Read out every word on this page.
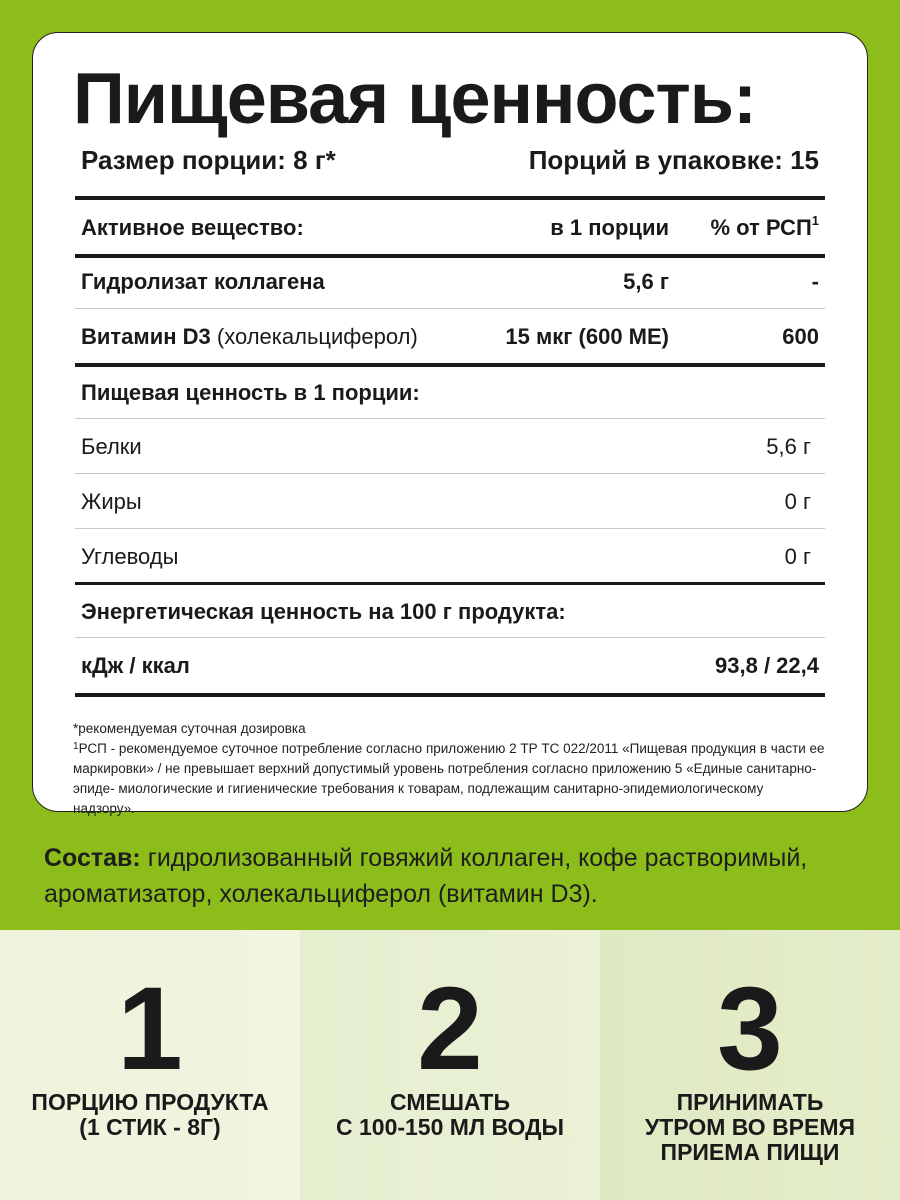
Пищевая ценность:
Размер порции: 8 г*	Порций в упаковке: 15
Активное вещество:	в 1 порции	% от РСП$^1$
Гидролизат коллагена	5,6 г	-
Витамин D3 (холекальциферол)	15 мкг (600 МЕ)	600
Пищевая ценность в 1 порции:
Белки	5,6 г
Жиры	0 г
Углеводы	0 г
Энергетическая ценность на 100 г продукта:
кДж / ккал	93,8 / 22,4
*рекомендуемая суточная дозировка
$^1$РСП - рекомендуемое суточное потребление согласно приложению 2 ТР ТС 022/2011 «Пищевая продукция в части ее маркировки» / не превышает верхний допустимый уровень потребления согласно приложению 5 «Единые санитарно-эпиде- миологические и гигиенические требования к товарам, подлежащим санитарно-эпидемиологическому надзору».
Состав: гидролизованный говяжий коллаген, кофе растворимый, ароматизатор, холекальциферол (витамин D3).
1
ПОРЦИЮ ПРОДУКТА
(1 СТИК - 8Г)
2
СМЕШАТЬ
С 100-150 МЛ ВОДЫ
3
ПРИНИМАТЬ
УТРОМ ВО ВРЕМЯ
ПРИЕМА ПИЩИ
